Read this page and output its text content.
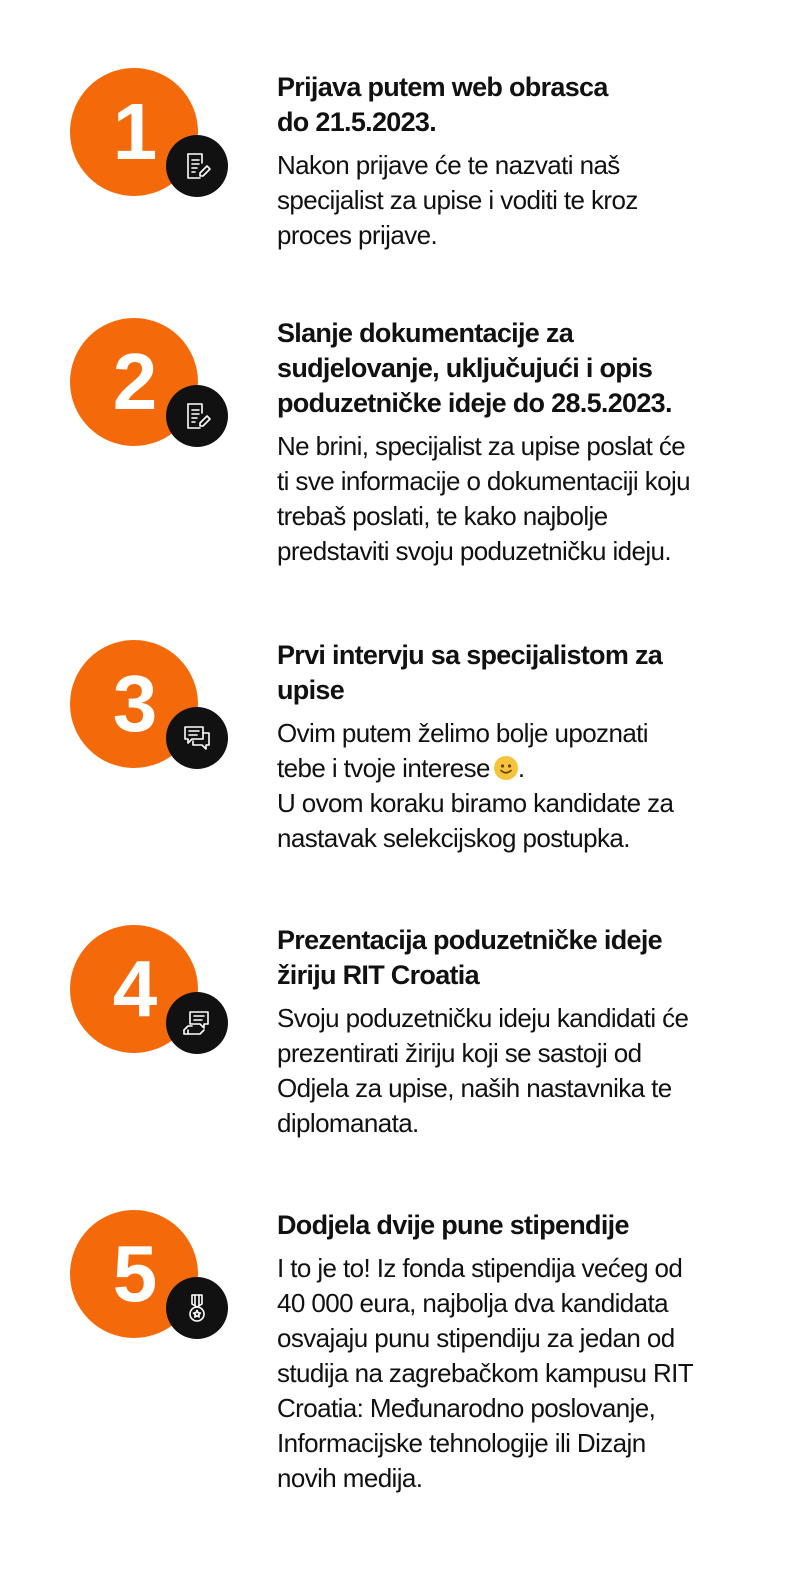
1	Prijava putem web obrasca
do 21.5.2023.

Nakon prijave će te nazvati naš
specijalist za upise i voditi te kroz
proces prijave.

2

Slanje dokumentacije za
sudjelovanje, uključujući i opis
poduzetničke ideje do 28.5.2023.

Ne brini, specijalist za upise poslat će
ti sve informacije o dokumentaciji koju
trebaš poslati, te kako najbolje
predstaviti svoju poduzetničku ideju.

3

Prvi intervju sa specijalistom za
upise

Ovim putem želimo bolje upoznati
tebe i tvoje interese .
U ovom koraku biramo kandidate za
nastavak selekcijskog postupka.

4

Prezentacija poduzetničke ideje
žiriju RIT Croatia

Svoju poduzetničku ideju kandidati će
prezentirati žiriju koji se sastoji od
Odjela za upise, naših nastavnika te
diplomanata.

5

Dodjela dvije pune stipendije

I to je to! Iz fonda stipendija većeg od
40 000 eura, najbolja dva kandidata
osvajaju punu stipendiju za jedan od
studija na zagrebačkom kampusu RIT
Croatia: Međunarodno poslovanje,
Informacijske tehnologije ili Dizajn
novih medija.
